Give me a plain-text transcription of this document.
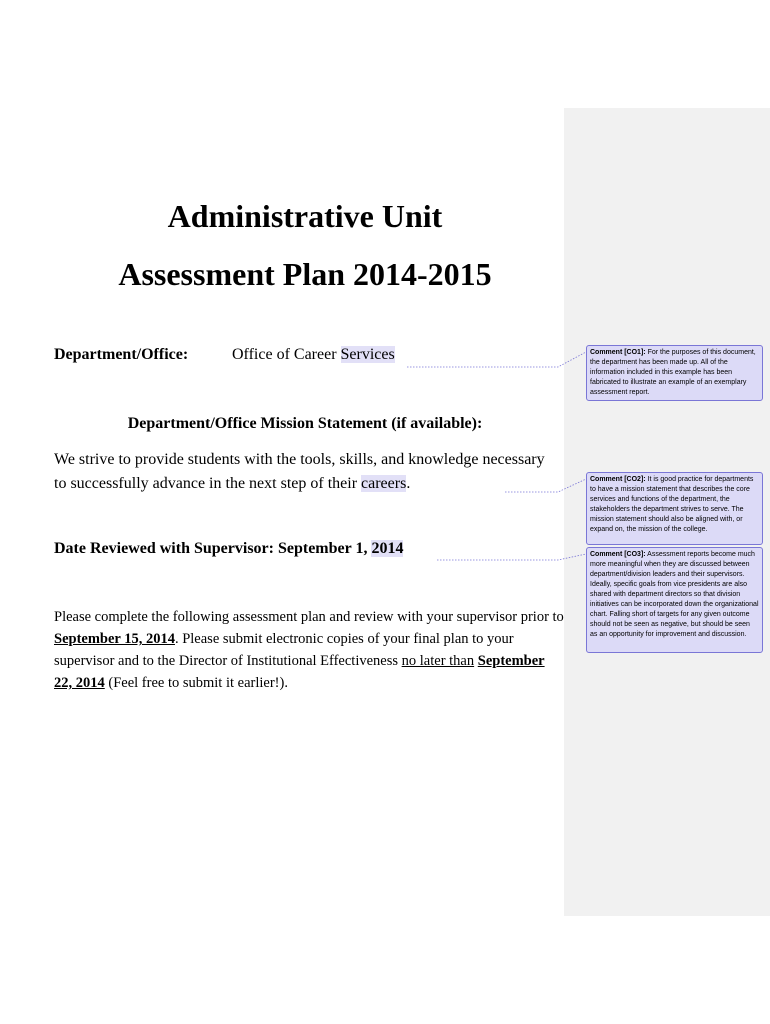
Administrative Unit
Assessment Plan 2014-2015
Department/Office:	Office of Career Services
Department/Office Mission Statement (if available):
We strive to provide students with the tools, skills, and knowledge necessary to successfully advance in the next step of their careers.
Date Reviewed with Supervisor: September 1, 2014
Please complete the following assessment plan and review with your supervisor prior to September 15, 2014. Please submit electronic copies of your final plan to your supervisor and to the Director of Institutional Effectiveness no later than September 22, 2014 (Feel free to submit it earlier!).
Comment [CO1]: For the purposes of this document, the department has been made up. All of the information included in this example has been fabricated to illustrate an example of an exemplary assessment report.
Comment [CO2]: It is good practice for departments to have a mission statement that describes the core services and functions of the department, the stakeholders the department strives to serve. The mission statement should also be aligned with, or expand on, the mission of the college.
Comment [CO3]: Assessment reports become much more meaningful when they are discussed between department/division leaders and their supervisors. Ideally, specific goals from vice presidents are also shared with department directors so that division initiatives can be incorporated down the organizational chart. Falling short of targets for any given outcome should not be seen as negative, but should be seen as an opportunity for improvement and discussion.
